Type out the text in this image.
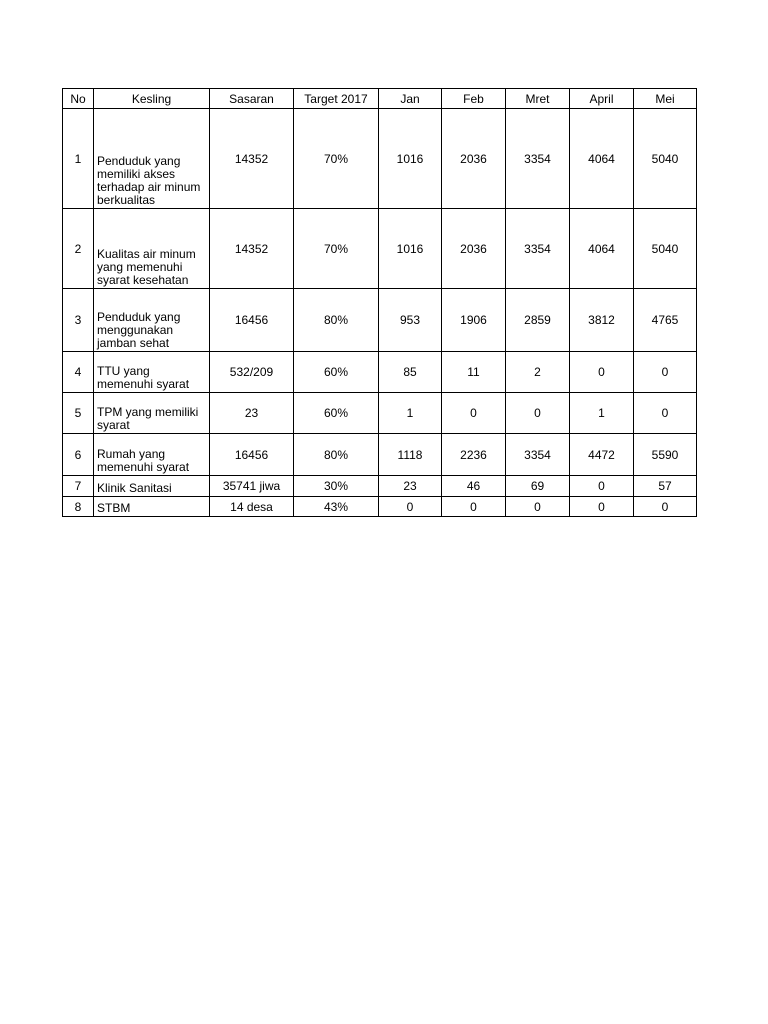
No	Kesling	Sasaran	Target 2017	Jan	Feb	Mret	April	Mei
1	Penduduk yang memiliki akses terhadap air minum berkualitas	14352	70%	1016	2036	3354	4064	5040
2	Kualitas air minum yang memenuhi syarat kesehatan	14352	70%	1016	2036	3354	4064	5040
3	Penduduk yang menggunakan jamban sehat	16456	80%	953	1906	2859	3812	4765
4	TTU yang memenuhi syarat	532/209	60%	85	11	2	0	0
5	TPM yang memiliki syarat	23	60%	1	0	0	1	0
6	Rumah yang memenuhi syarat	16456	80%	1118	2236	3354	4472	5590
7	Klinik Sanitasi	35741 jiwa	30%	23	46	69	0	57
8	STBM	14 desa	43%	0	0	0	0	0
